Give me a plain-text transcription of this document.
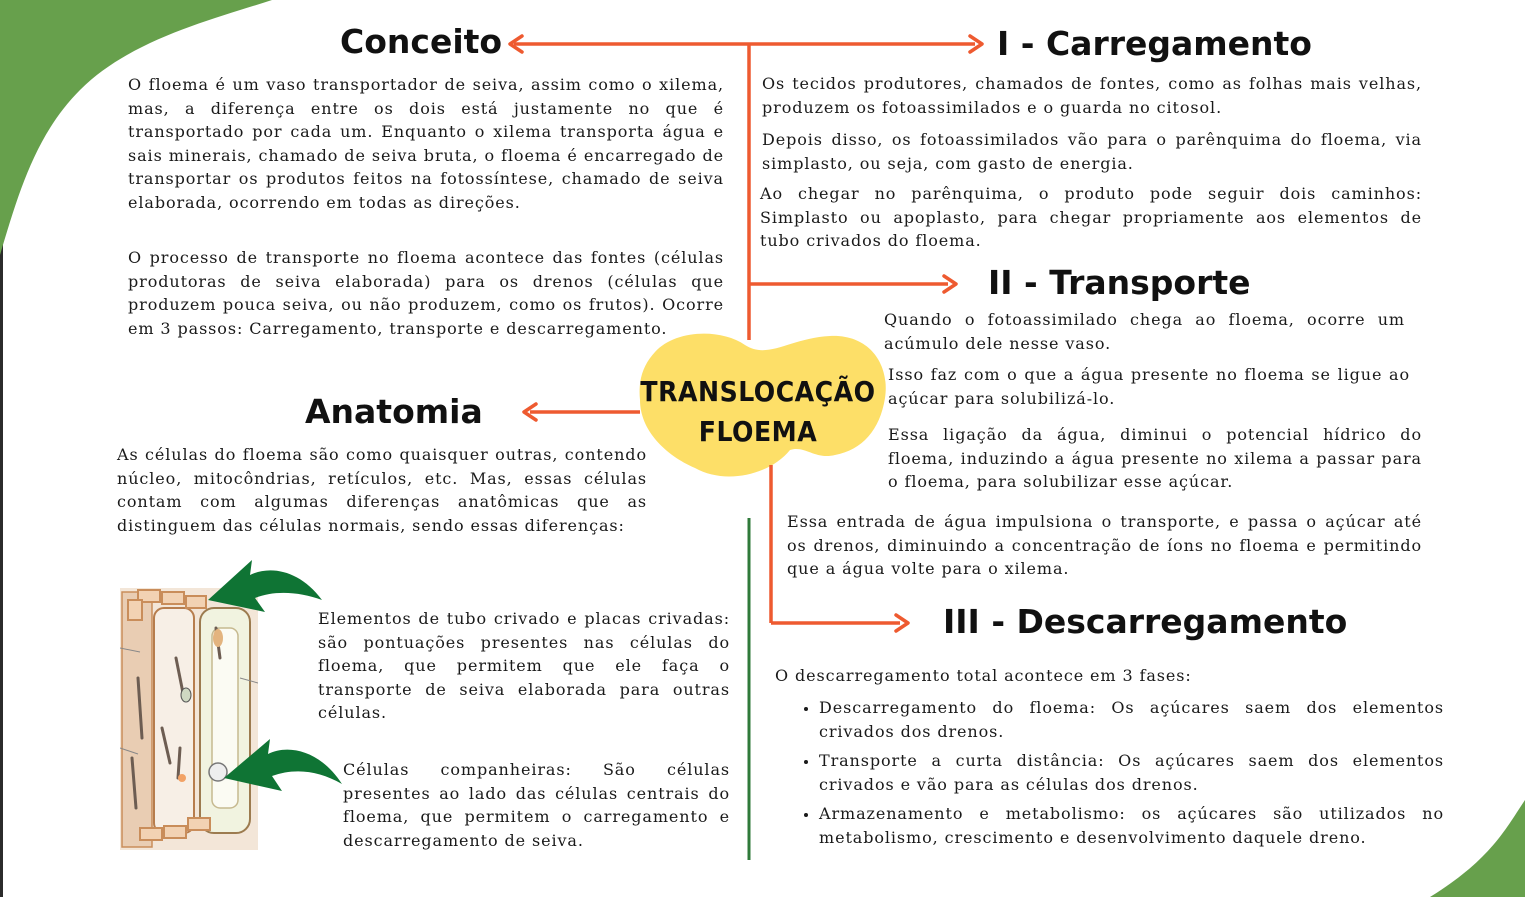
TRANSLOCAÇÃO
FLOEMA
Conceito

O floema é um vaso transportador de seiva, assim como o xilema, mas, a diferença entre os dois está justamente no que é transportado por cada um. Enquanto o xilema transporta água e sais minerais, chamado de seiva bruta, o floema é encarregado de transportar os produtos feitos na fotossíntese, chamado de seiva elaborada, ocorrendo em todas as direções.

O processo de transporte no floema acontece das fontes (células produtoras de seiva elaborada) para os drenos (células que produzem pouca seiva, ou não produzem, como os frutos). Ocorre em 3 passos: Carregamento, transporte e descarregamento.

Anatomia

As células do floema são como quaisquer outras, contendo núcleo, mitocôndrias, retículos, etc. Mas, essas células contam com algumas diferenças anatômicas que as distinguem das células normais, sendo essas diferenças:

Elementos de tubo crivado e placas crivadas: são pontuações presentes nas células do floema, que permitem que ele faça o transporte de seiva elaborada para outras células.

Células companheiras: São células presentes ao lado das células centrais do floema, que permitem o carregamento e descarregamento de seiva.

I - Carregamento

Os tecidos produtores, chamados de fontes, como as folhas mais velhas, produzem os fotoassimilados e o guarda no citosol.

Depois disso, os fotoassimilados vão para o parênquima do floema, via simplasto, ou seja, com gasto de energia.

Ao chegar no parênquima, o produto pode seguir dois caminhos: Simplasto ou apoplasto, para chegar propriamente aos elementos de tubo crivados do floema.

II - Transporte

Quando o fotoassimilado chega ao floema, ocorre um acúmulo dele nesse vaso.

Isso faz com o que a água presente no floema se ligue ao açúcar para solubilizá-lo.

Essa ligação da água, diminui o potencial hídrico do floema, induzindo a água presente no xilema a passar para o floema, para solubilizar esse açúcar.

Essa entrada de água impulsiona o transporte, e passa o açúcar até os drenos, diminuindo a concentração de íons no floema e permitindo que a água volte para o xilema.

III - Descarregamento

O descarregamento total acontece em 3 fases:

• Descarregamento do floema: Os açúcares saem dos elementos crivados dos drenos.
• Transporte a curta distância: Os açúcares saem dos elementos crivados e vão para as células dos drenos.
• Armazenamento e metabolismo: os açúcares são utilizados no metabolismo, crescimento e desenvolvimento daquele dreno.
